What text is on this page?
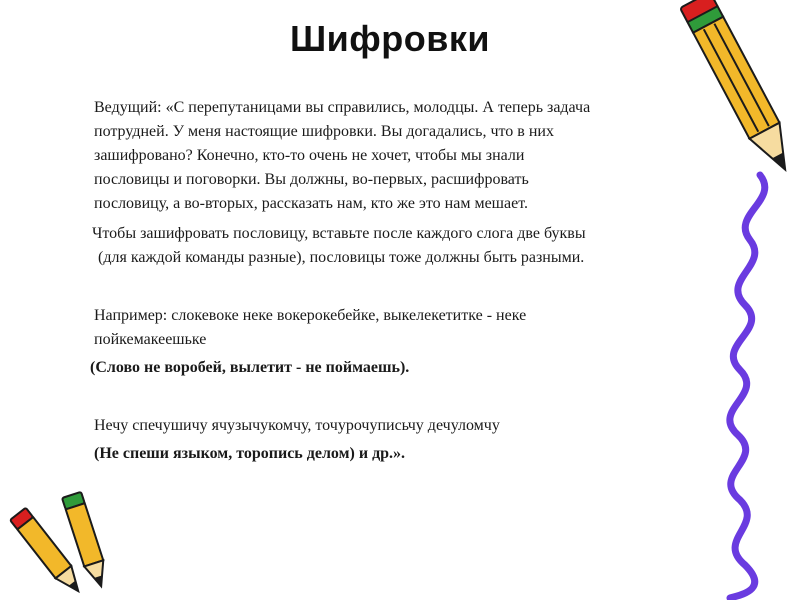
Шифровки
Ведущий: «С перепутаницами вы справились, молодцы. А теперь задача
потрудней. У меня настоящие шифровки. Вы догадались, что в них
зашифровано? Конечно, кто-то очень не хочет, чтобы мы знали
пословицы и поговорки. Вы должны, во-первых, расшифровать
пословицу, а во-вторых, рассказать нам, кто же это нам мешает.
Чтобы зашифровать пословицу, вставьте после каждого слога две буквы
(для каждой команды разные), пословицы тоже должны быть разными.
Например: слокевоке неке вокерокебейке, выкелекетитке - неке
пойкемакеешьке
(Слово не воробей, вылетит - не поймаешь).
Нечу спечушичу ячузычукомчу, точурочуписьчу дечуломчу
(Не спеши языком, торопись делом) и др.».
